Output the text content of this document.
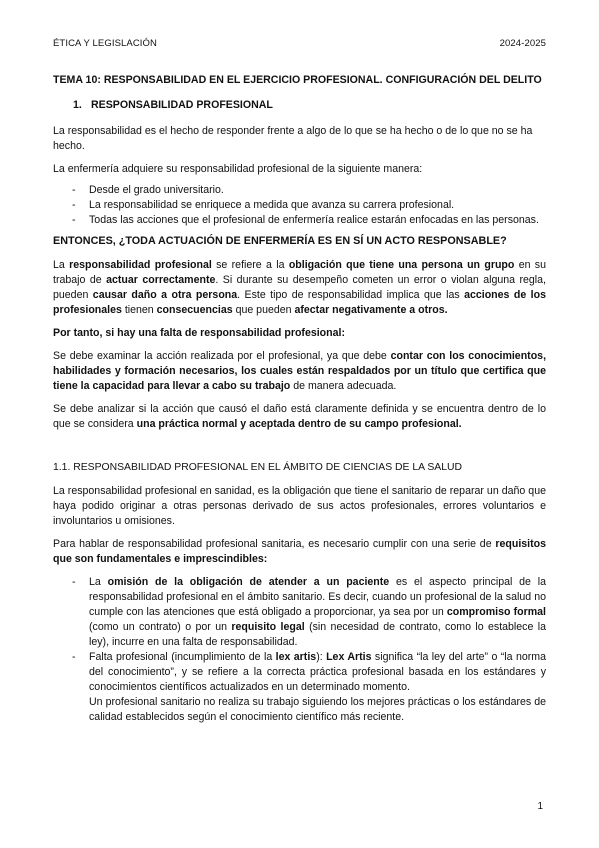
ÉTICA Y LEGISLACIÓN	2024-2025
TEMA 10: RESPONSABILIDAD EN EL EJERCICIO PROFESIONAL. CONFIGURACIÓN DEL DELITO
1. RESPONSABILIDAD PROFESIONAL

La responsabilidad es el hecho de responder frente a algo de lo que se ha hecho o de lo que no se ha hecho.

La enfermería adquiere su responsabilidad profesional de la siguiente manera:

- Desde el grado universitario.
- La responsabilidad se enriquece a medida que avanza su carrera profesional.
- Todas las acciones que el profesional de enfermería realice estarán enfocadas en las personas.
ENTONCES, ¿TODA ACTUACIÓN DE ENFERMERÍA ES EN SÍ UN ACTO RESPONSABLE?

La responsabilidad profesional se refiere a la obligación que tiene una persona un grupo en su trabajo de actuar correctamente. Si durante su desempeño cometen un error o violan alguna regla, pueden causar daño a otra persona. Este tipo de responsabilidad implica que las acciones de los profesionales tienen consecuencias que pueden afectar negativamente a otros.

Por tanto, si hay una falta de responsabilidad profesional:

Se debe examinar la acción realizada por el profesional, ya que debe contar con los conocimientos, habilidades y formación necesarios, los cuales están respaldados por un título que certifica que tiene la capacidad para llevar a cabo su trabajo de manera adecuada.

Se debe analizar si la acción que causó el daño está claramente definida y se encuentra dentro de lo que se considera una práctica normal y aceptada dentro de su campo profesional.

1.1. RESPONSABILIDAD PROFESIONAL EN EL ÁMBITO DE CIENCIAS DE LA SALUD

La responsabilidad profesional en sanidad, es la obligación que tiene el sanitario de reparar un daño que haya podido originar a otras personas derivado de sus actos profesionales, errores voluntarios e involuntarios u omisiones.

Para hablar de responsabilidad profesional sanitaria, es necesario cumplir con una serie de requisitos que son fundamentales e imprescindibles:

- La omisión de la obligación de atender a un paciente es el aspecto principal de la responsabilidad profesional en el ámbito sanitario. Es decir, cuando un profesional de la salud no cumple con las atenciones que está obligado a proporcionar, ya sea por un compromiso formal (como un contrato) o por un requisito legal (sin necesidad de contrato, como lo establece la ley), incurre en una falta de responsabilidad.
- Falta profesional (incumplimiento de la lex artis): Lex Artis significa “la ley del arte” o “la norma del conocimiento”, y se refiere a la correcta práctica profesional basada en los estándares y conocimientos científicos actualizados en un determinado momento.
Un profesional sanitario no realiza su trabajo siguiendo los mejores prácticas o los estándares de calidad establecidos según el conocimiento científico más reciente.
1
